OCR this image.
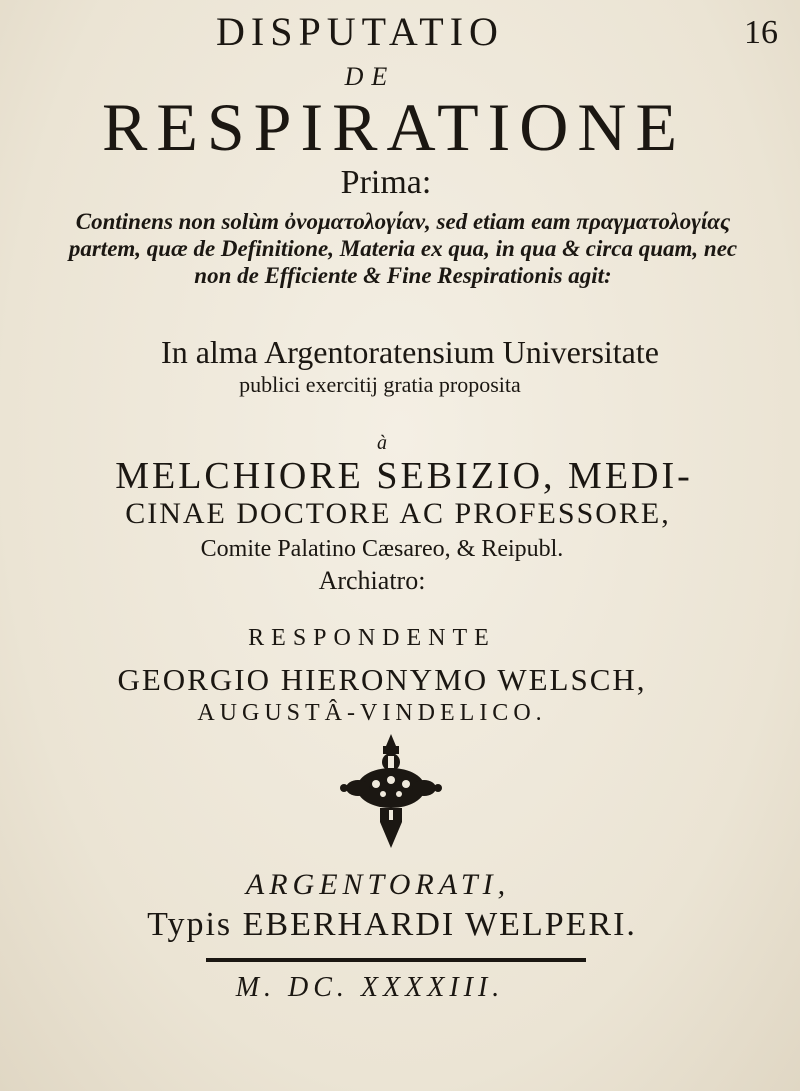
16
DISPUTATIO
DE
RESPIRATIONE
Prima:
Continens non solùm ὀνοματολογίαν, sed etiam eam πραγματολογίας partem, quæ de Definitione, Materia ex qua, in qua & circa quam, nec non de Efficiente & Fine Respirationis agit:
In alma Argentoratensium Universitate
publici exercitij gratia proposita
à
MELCHIORE SEBIZIO, MEDI-
CINAE DOCTORE AC PROFESSORE,
Comite Palatino Cæsareo, & Reipubl.
Archiatro:
RESPONDENTE
GEORGIO HIERONYMO WELSCH,
AUGUSTÂ-VINDELICO.
ARGENTORATI,
Typis EBERHARDI WELPERI.
M. DC. XXXXIII.
